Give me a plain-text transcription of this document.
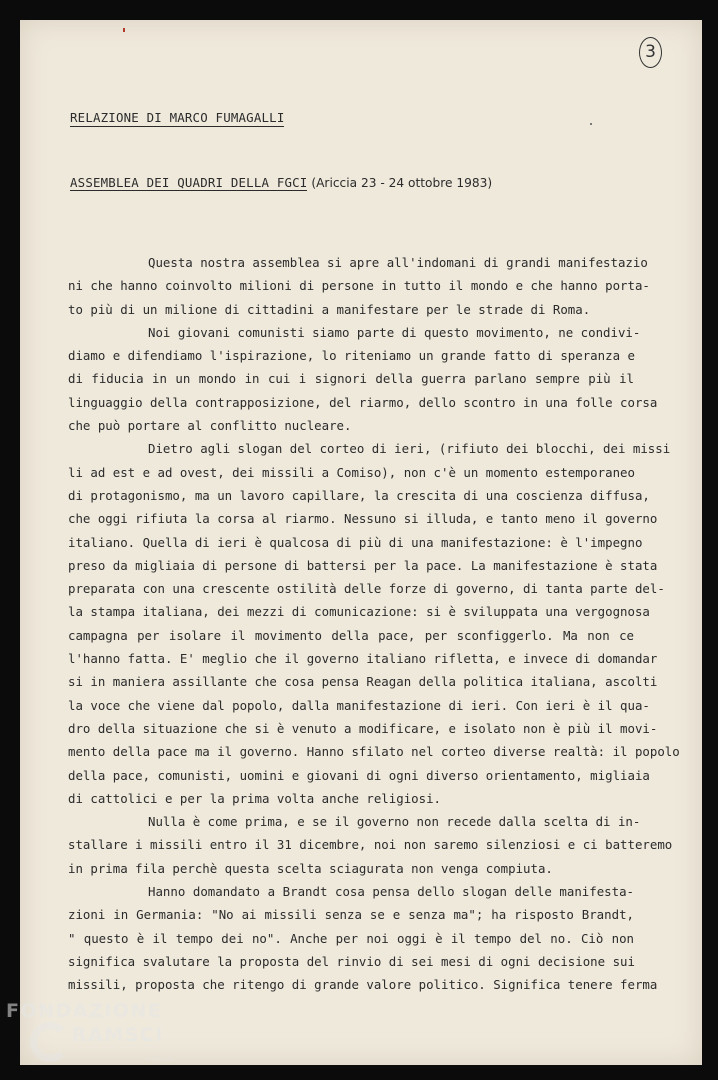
3
RELAZIONE DI MARCO FUMAGALLI
ASSEMBLEA DEI QUADRI DELLA FGCI (Ariccia 23 - 24 ottobre 1983)
Questa nostra assemblea si apre all'indomani di grandi manifestazio
ni che hanno coinvolto milioni di persone in tutto il mondo e che hanno porta-
to più di un milione di cittadini a manifestare per le strade di Roma.
Noi giovani comunisti siamo parte di questo movimento, ne condivi-
diamo e difendiamo l'ispirazione, lo riteniamo un grande fatto di speranza e
di fiducia in un mondo in cui i signori della guerra parlano sempre più il
linguaggio della contrapposizione, del riarmo, dello scontro in una folle corsa
che può portare al conflitto nucleare.
Dietro agli slogan del corteo di ieri, (rifiuto dei blocchi, dei missi
li ad est e ad ovest, dei missili a Comiso), non c'è un momento estemporaneo
di protagonismo, ma un lavoro capillare, la crescita di una coscienza diffusa,
che oggi rifiuta la corsa al riarmo. Nessuno si illuda, e tanto meno il governo
italiano. Quella di ieri è qualcosa di più di una manifestazione: è l'impegno
preso da migliaia di persone di battersi per la pace. La manifestazione è stata
preparata con una crescente ostilità delle forze di governo, di tanta parte del-
la stampa italiana, dei mezzi di comunicazione: si è sviluppata una vergognosa
campagna per isolare il movimento della pace, per sconfiggerlo. Ma non ce
l'hanno fatta. E' meglio che il governo italiano rifletta, e invece di domandar
si in maniera assillante che cosa pensa Reagan della politica italiana, ascolti
la voce che viene dal popolo, dalla manifestazione di ieri. Con ieri è il qua-
dro della situazione che si è venuto a modificare, e isolato non è più il movi-
mento della pace ma il governo. Hanno sfilato nel corteo diverse realtà: il popolo
della pace, comunisti, uomini e giovani di ogni diverso orientamento, migliaia
di cattolici e per la prima volta anche religiosi.
Nulla è come prima, e se il governo non recede dalla scelta di in-
stallare i missili entro il 31 dicembre, noi non saremo silenziosi e ci batteremo
in prima fila perchè questa scelta sciagurata non venga compiuta.
Hanno domandato a Brandt cosa pensa dello slogan delle manifesta-
zioni in Germania: "No ai missili senza se e senza ma"; ha risposto Brandt,
" questo è il tempo dei no". Anche per noi oggi è il tempo del no. Ciò non
significa svalutare la proposta del rinvio di sei mesi di ogni decisione sui
missili, proposta che ritengo di grande valore politico. Significa tenere ferma
FONDAZIONE
RAMSCI
onlus
